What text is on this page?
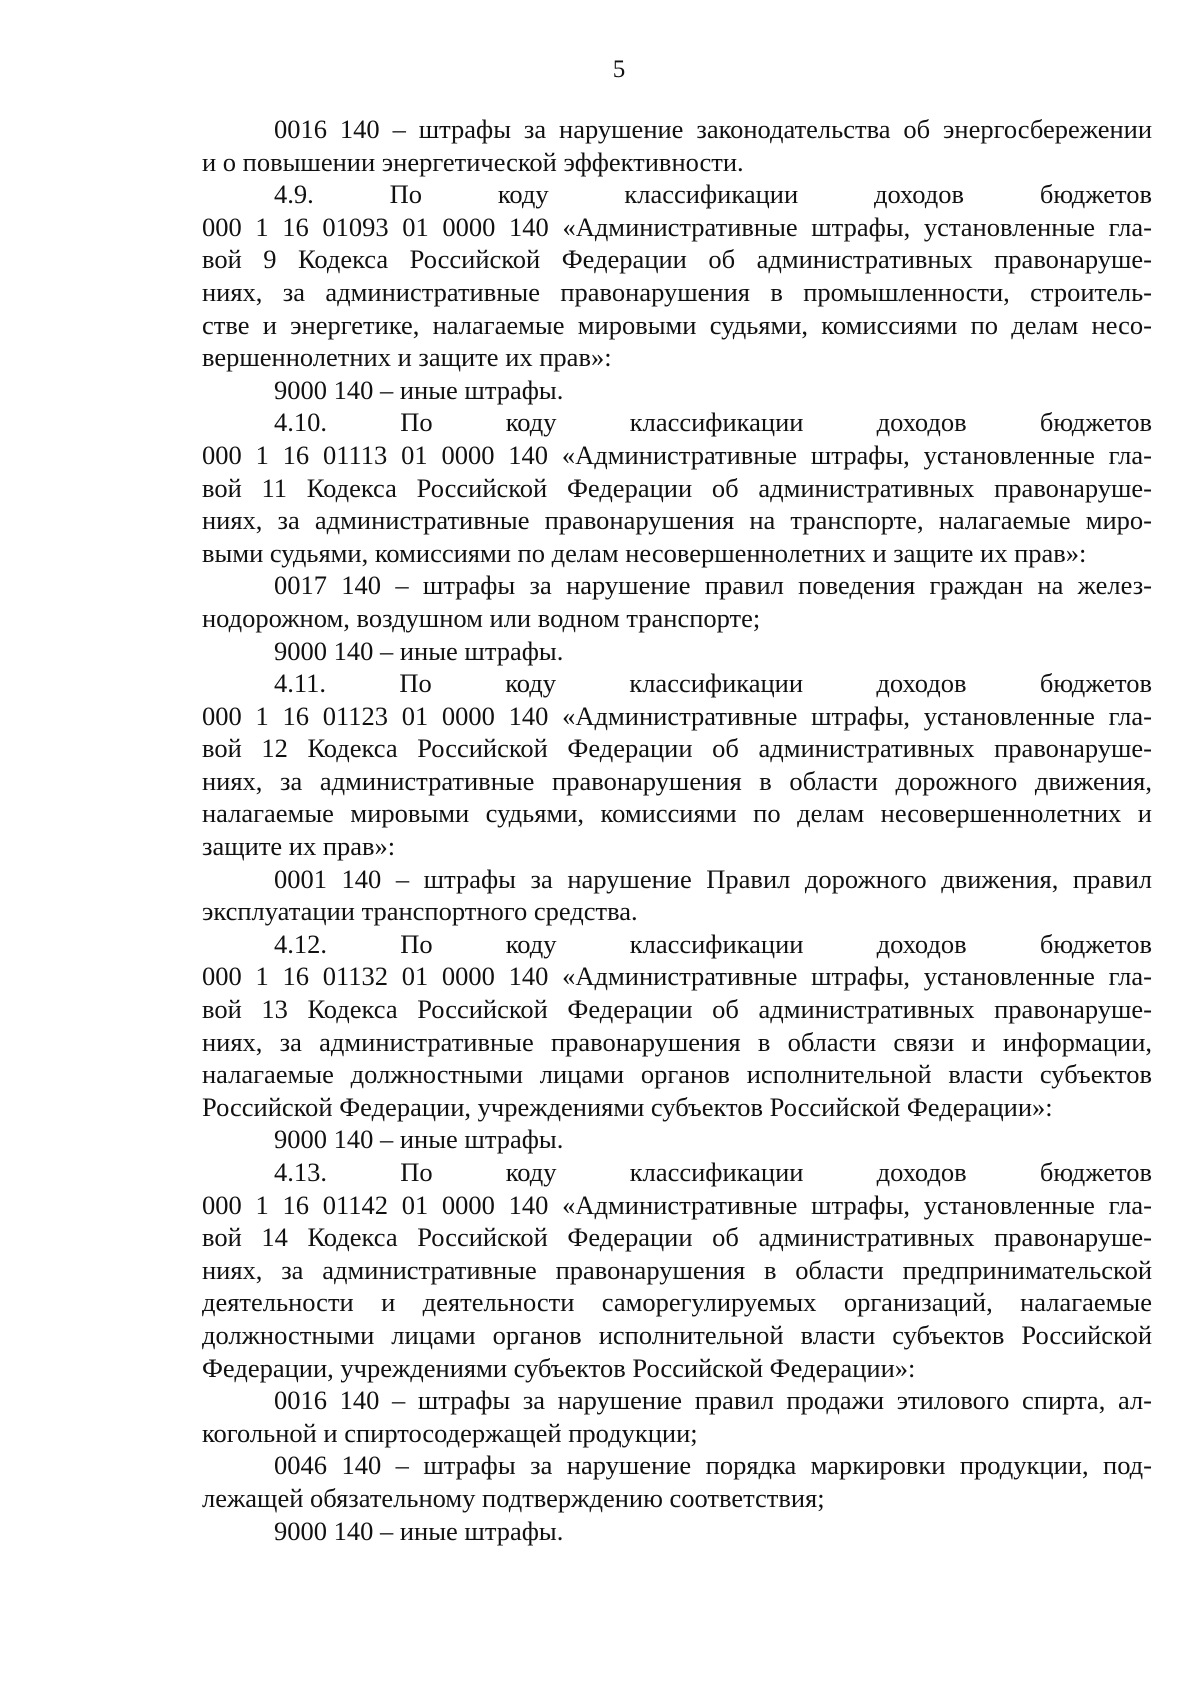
5
0016 140 – штрафы за нарушение законодательства об энергосбережении
и о повышении энергетической эффективности.
4.9. По коду классификации доходов бюджетов
000 1 16 01093 01 0000 140 «Административные штрафы, установленные гла-
вой 9 Кодекса Российской Федерации об административных правонаруше-
ниях, за административные правонарушения в промышленности, строитель-
стве и энергетике, налагаемые мировыми судьями, комиссиями по делам несо-
вершеннолетних и защите их прав»:
9000 140 – иные штрафы.
4.10. По коду классификации доходов бюджетов
000 1 16 01113 01 0000 140 «Административные штрафы, установленные гла-
вой 11 Кодекса Российской Федерации об административных правонаруше-
ниях, за административные правонарушения на транспорте, налагаемые миро-
выми судьями, комиссиями по делам несовершеннолетних и защите их прав»:
0017 140 – штрафы за нарушение правил поведения граждан на желез-
нодорожном, воздушном или водном транспорте;
9000 140 – иные штрафы.
4.11. По коду классификации доходов бюджетов
000 1 16 01123 01 0000 140 «Административные штрафы, установленные гла-
вой 12 Кодекса Российской Федерации об административных правонаруше-
ниях, за административные правонарушения в области дорожного движения,
налагаемые мировыми судьями, комиссиями по делам несовершеннолетних и
защите их прав»:
0001 140 – штрафы за нарушение Правил дорожного движения, правил
эксплуатации транспортного средства.
4.12. По коду классификации доходов бюджетов
000 1 16 01132 01 0000 140 «Административные штрафы, установленные гла-
вой 13 Кодекса Российской Федерации об административных правонаруше-
ниях, за административные правонарушения в области связи и информации,
налагаемые должностными лицами органов исполнительной власти субъектов
Российской Федерации, учреждениями субъектов Российской Федерации»:
9000 140 – иные штрафы.
4.13. По коду классификации доходов бюджетов
000 1 16 01142 01 0000 140 «Административные штрафы, установленные гла-
вой 14 Кодекса Российской Федерации об административных правонаруше-
ниях, за административные правонарушения в области предпринимательской
деятельности и деятельности саморегулируемых организаций, налагаемые
должностными лицами органов исполнительной власти субъектов Российской
Федерации, учреждениями субъектов Российской Федерации»:
0016 140 – штрафы за нарушение правил продажи этилового спирта, ал-
когольной и спиртосодержащей продукции;
0046 140 – штрафы за нарушение порядка маркировки продукции, под-
лежащей обязательному подтверждению соответствия;
9000 140 – иные штрафы.
